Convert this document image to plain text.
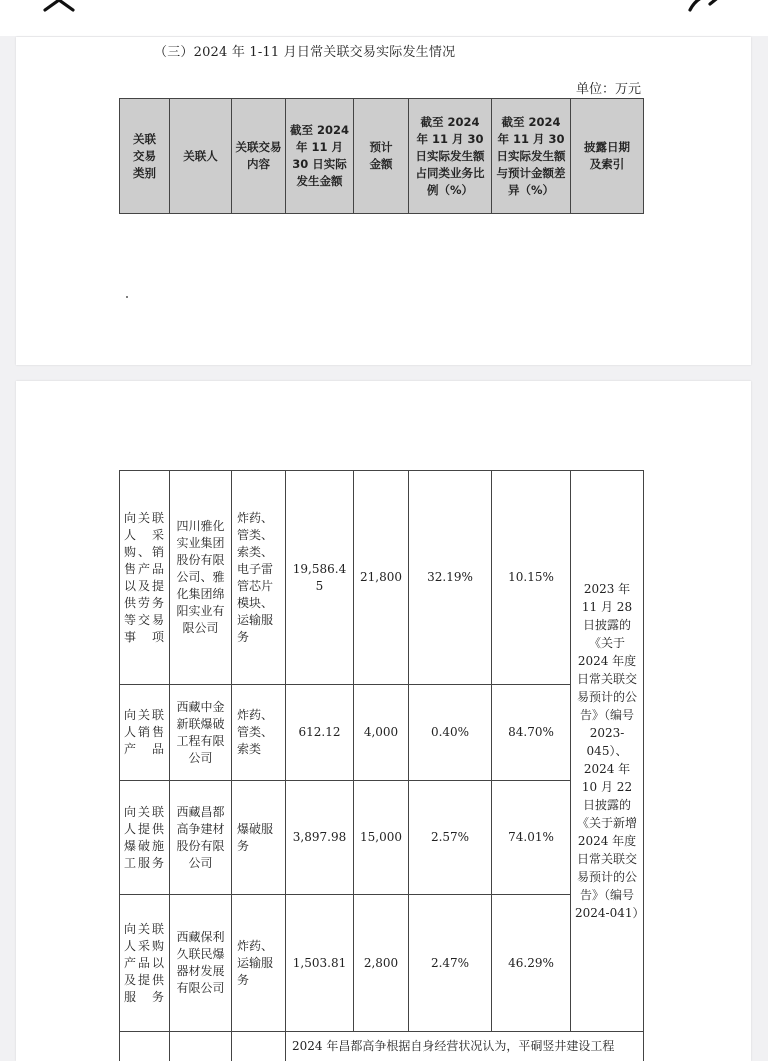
（三）2024 年 1-11 月日常关联交易实际发生情况
单位：万元
关联交易类别	关联人	关联交易内容	截至 2024 年 11 月 30 日实际发生金额	预计金额	截至 2024 年 11 月 30 日实际发生额占同类业务比例（%）	截至 2024 年 11 月 30 日实际发生额与预计金额差异（%）	披露日期及索引
向关联人采购、销售产品以及提供劳务等交易事项	四川雅化实业集团股份有限公司、雅化集团绵阳实业有限公司	炸药、管类、索类、电子雷管芯片模块、运输服务	19,586.45	21,800	32.19%	10.15%	2023 年 11 月 28 日披露的《关于 2024 年度日常关联交易预计的公告》（编号 2023-045）、2024 年 10 月 22 日披露的《关于新增 2024 年度日常关联交易预计的公告》（编号 2024-041）
向关联人销售产品	西藏中金新联爆破工程有限公司	炸药、管类、索类	612.12	4,000	0.40%	84.70%	
向关联人提供爆破施工服务	西藏昌都高争建材股份有限公司	爆破服务	3,897.98	15,000	2.57%	74.01%	
向关联人采购产品以及提供服务	西藏保利久联民爆器材发展有限公司	炸药、运输服务	1,503.81	2,800	2.47%	46.29%	

			2024 年昌都高争根据自身经营状况认为，平硐竖井建设工程				
